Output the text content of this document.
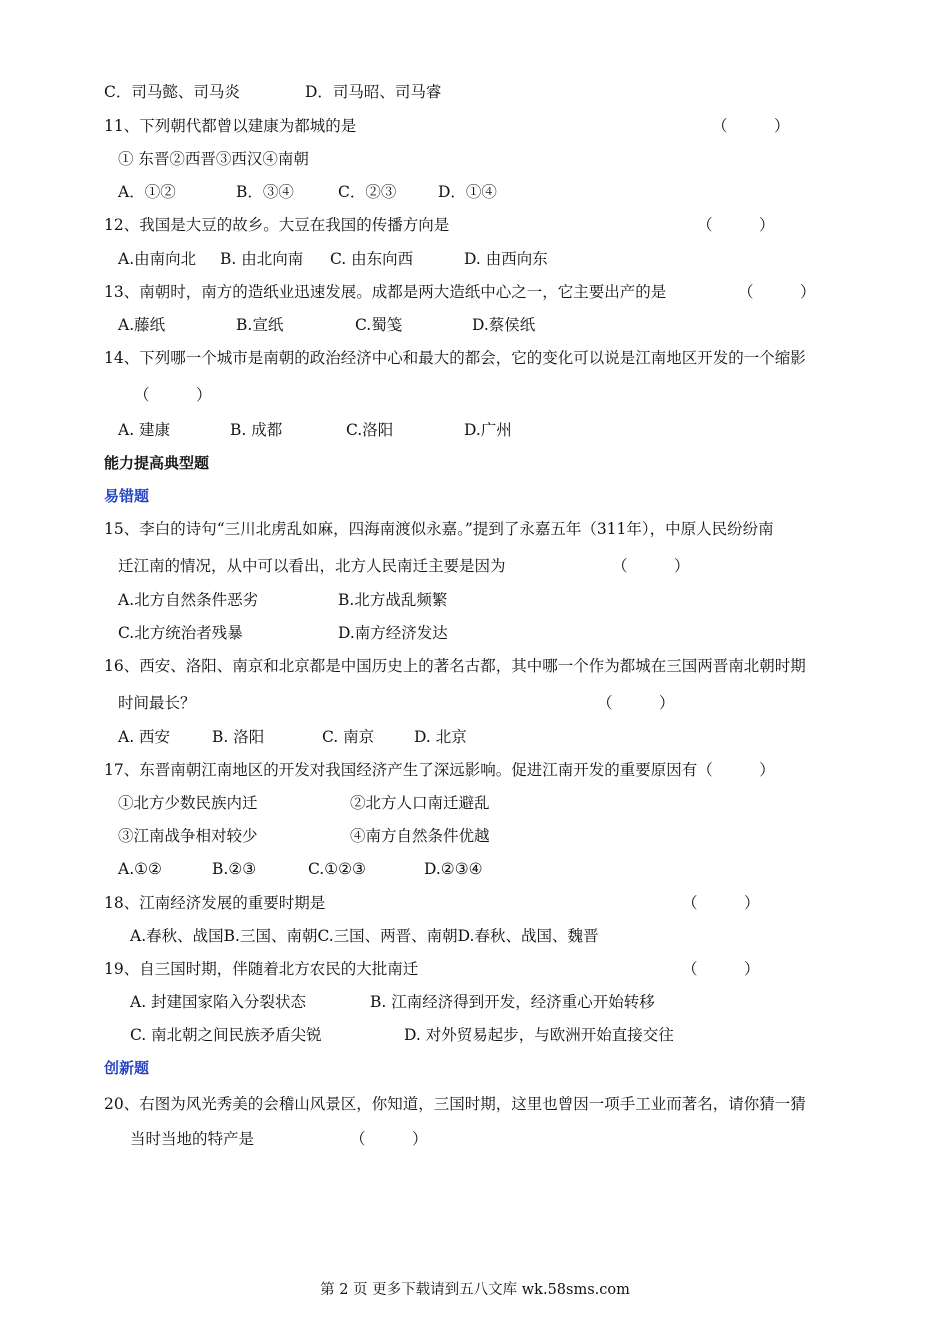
C．司马懿、司马炎	D．司马昭、司马睿
11、下列朝代都曾以建康为都城的是	（　　　）
① 东晋②西晋③西汉④南朝
A．①②	B．③④	C．②③	D．①④
12、我国是大豆的故乡。大豆在我国的传播方向是	（　　　）
A.由南向北 B. 由北向南 C. 由东向西	D. 由西向东
13、南朝时，南方的造纸业迅速发展。成都是两大造纸中心之一，它主要出产的是	（　　　）
A.藤纸	B.宣纸	C.蜀笺	D.蔡侯纸
14、下列哪一个城市是南朝的政治经济中心和最大的都会，它的变化可以说是江南地区开发的一个缩影
（　　　）
A. 建康	B. 成都	C.洛阳	D.广州
能力提高典型题
易错题
15、李白的诗句“三川北虏乱如麻，四海南渡似永嘉。”提到了永嘉五年（311年），中原人民纷纷南
迁江南的情况，从中可以看出，北方人民南迁主要是因为	（　　　）
A.北方自然条件恶劣	B.北方战乱频繁
C.北方统治者残暴	D.南方经济发达
16、西安、洛阳、南京和北京都是中国历史上的著名古都，其中哪一个作为都城在三国两晋南北朝时期
时间最长？	（　　　）
A. 西安	B. 洛阳	C. 南京	D. 北京
17、东晋南朝江南地区的开发对我国经济产生了深远影响。促进江南开发的重要原因有（　　　）
①北方少数民族内迁	②北方人口南迁避乱
③江南战争相对较少	④南方自然条件优越
A.①②	B.②③	C.①②③	D.②③④
18、江南经济发展的重要时期是	（　　　）
A.春秋、战国B.三国、南朝C.三国、两晋、南朝D.春秋、战国、魏晋
19、自三国时期，伴随着北方农民的大批南迁	（　　　）
A. 封建国家陷入分裂状态	B. 江南经济得到开发，经济重心开始转移
C. 南北朝之间民族矛盾尖锐	D. 对外贸易起步，与欧洲开始直接交往
创新题
20、右图为风光秀美的会稽山风景区，你知道，三国时期，这里也曾因一项手工业而著名，请你猜一猜
当时当地的特产是	（　　　）
第 2 页 更多下载请到五八文库 wk.58sms.com
